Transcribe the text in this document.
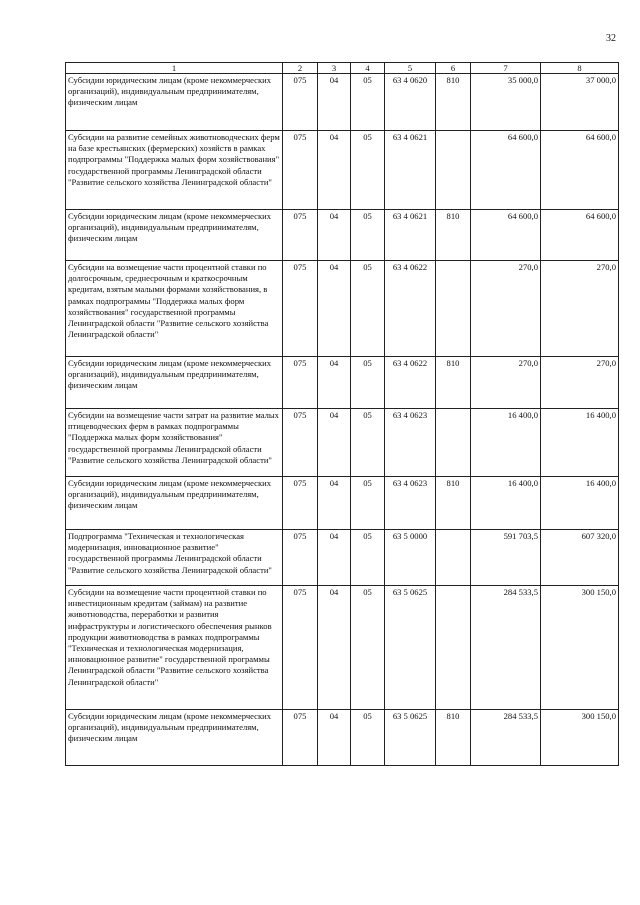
32
1	2	3	4	5	6	7	8
Субсидии юридическим лицам (кроме некоммерческих организаций), индивидуальным предпринимателям, физическим лицам	075	04	05	63 4 0620	810	35 000,0	37 000,0
Субсидии на развитие семейных животноводческих ферм на базе крестьянских (фермерских) хозяйств в рамках подпрограммы "Поддержка малых форм хозяйствования" государственной программы Ленинградской области "Развитие сельского хозяйства Ленинградской области"	075	04	05	63 4 0621		64 600,0	64 600,0
Субсидии юридическим лицам (кроме некоммерческих организаций), индивидуальным предпринимателям, физическим лицам	075	04	05	63 4 0621	810	64 600,0	64 600,0
Субсидии на возмещение части процентной ставки по долгосрочным, среднесрочным и краткосрочным кредитам, взятым малыми формами хозяйствования, в рамках подпрограммы "Поддержка малых форм хозяйствования" государственной программы Ленинградской области "Развитие сельского хозяйства Ленинградской области"	075	04	05	63 4 0622		270,0	270,0
Субсидии юридическим лицам (кроме некоммерческих организаций), индивидуальным предпринимателям, физическим лицам	075	04	05	63 4 0622	810	270,0	270,0
Субсидии на возмещение части затрат на развитие малых птицеводческих ферм в рамках подпрограммы "Поддержка малых форм хозяйствования" государственной программы Ленинградской области "Развитие сельского хозяйства Ленинградской области"	075	04	05	63 4 0623		16 400,0	16 400,0
Субсидии юридическим лицам (кроме некоммерческих организаций), индивидуальным предпринимателям, физическим лицам	075	04	05	63 4 0623	810	16 400,0	16 400,0
Подпрограмма "Техническая и технологическая модернизация, инновационное развитие" государственной программы Ленинградской области "Развитие сельского хозяйства Ленинградской области"	075	04	05	63 5 0000		591 703,5	607 320,0
Субсидии на возмещение части процентной ставки по инвестиционным кредитам (займам) на развитие животноводства, переработки и развития инфраструктуры и логистического обеспечения рынков продукции животноводства в рамках подпрограммы "Техническая и технологическая модернизация, инновационное развитие" государственной программы Ленинградской области "Развитие сельского хозяйства Ленинградской области"	075	04	05	63 5 0625		284 533,5	300 150,0
Субсидии юридическим лицам (кроме некоммерческих организаций), индивидуальным предпринимателям, физическим лицам	075	04	05	63 5 0625	810	284 533,5	300 150,0
